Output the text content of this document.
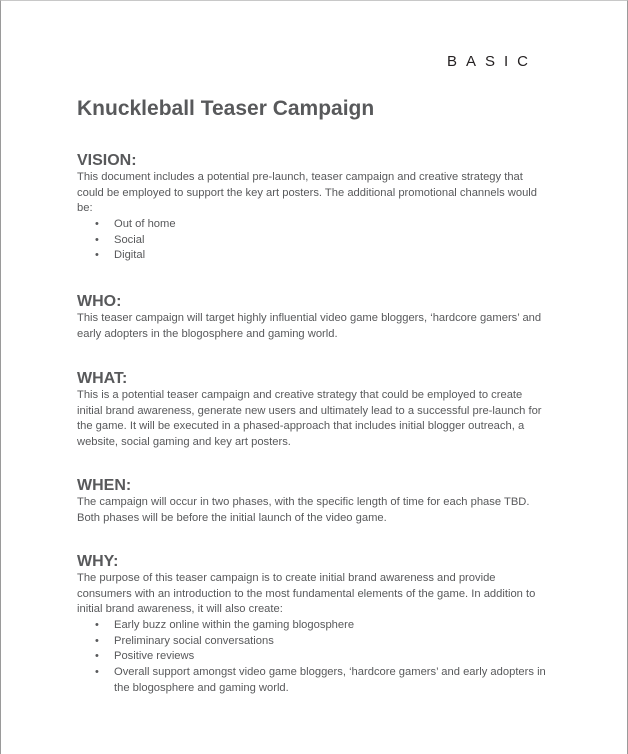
BASIC
Knuckleball Teaser Campaign
VISION:

This document includes a potential pre-launch, teaser campaign and creative strategy that could be employed to support the key art posters. The additional promotional channels would be:

• Out of home
• Social
• Digital
WHO:

This teaser campaign will target highly influential video game bloggers, ‘hardcore gamers’ and early adopters in the blogosphere and gaming world.

WHAT:

This is a potential teaser campaign and creative strategy that could be employed to create initial brand awareness, generate new users and ultimately lead to a successful pre-launch for the game. It will be executed in a phased-approach that includes initial blogger outreach, a website, social gaming and key art posters.

WHEN:

The campaign will occur in two phases, with the specific length of time for each phase TBD. Both phases will be before the initial launch of the video game.

WHY:

The purpose of this teaser campaign is to create initial brand awareness and provide consumers with an introduction to the most fundamental elements of the game. In addition to initial brand awareness, it will also create:

• Early buzz online within the gaming blogosphere
• Preliminary social conversations
• Positive reviews
• Overall support amongst video game bloggers, ‘hardcore gamers’ and early adopters in the blogosphere and gaming world.
